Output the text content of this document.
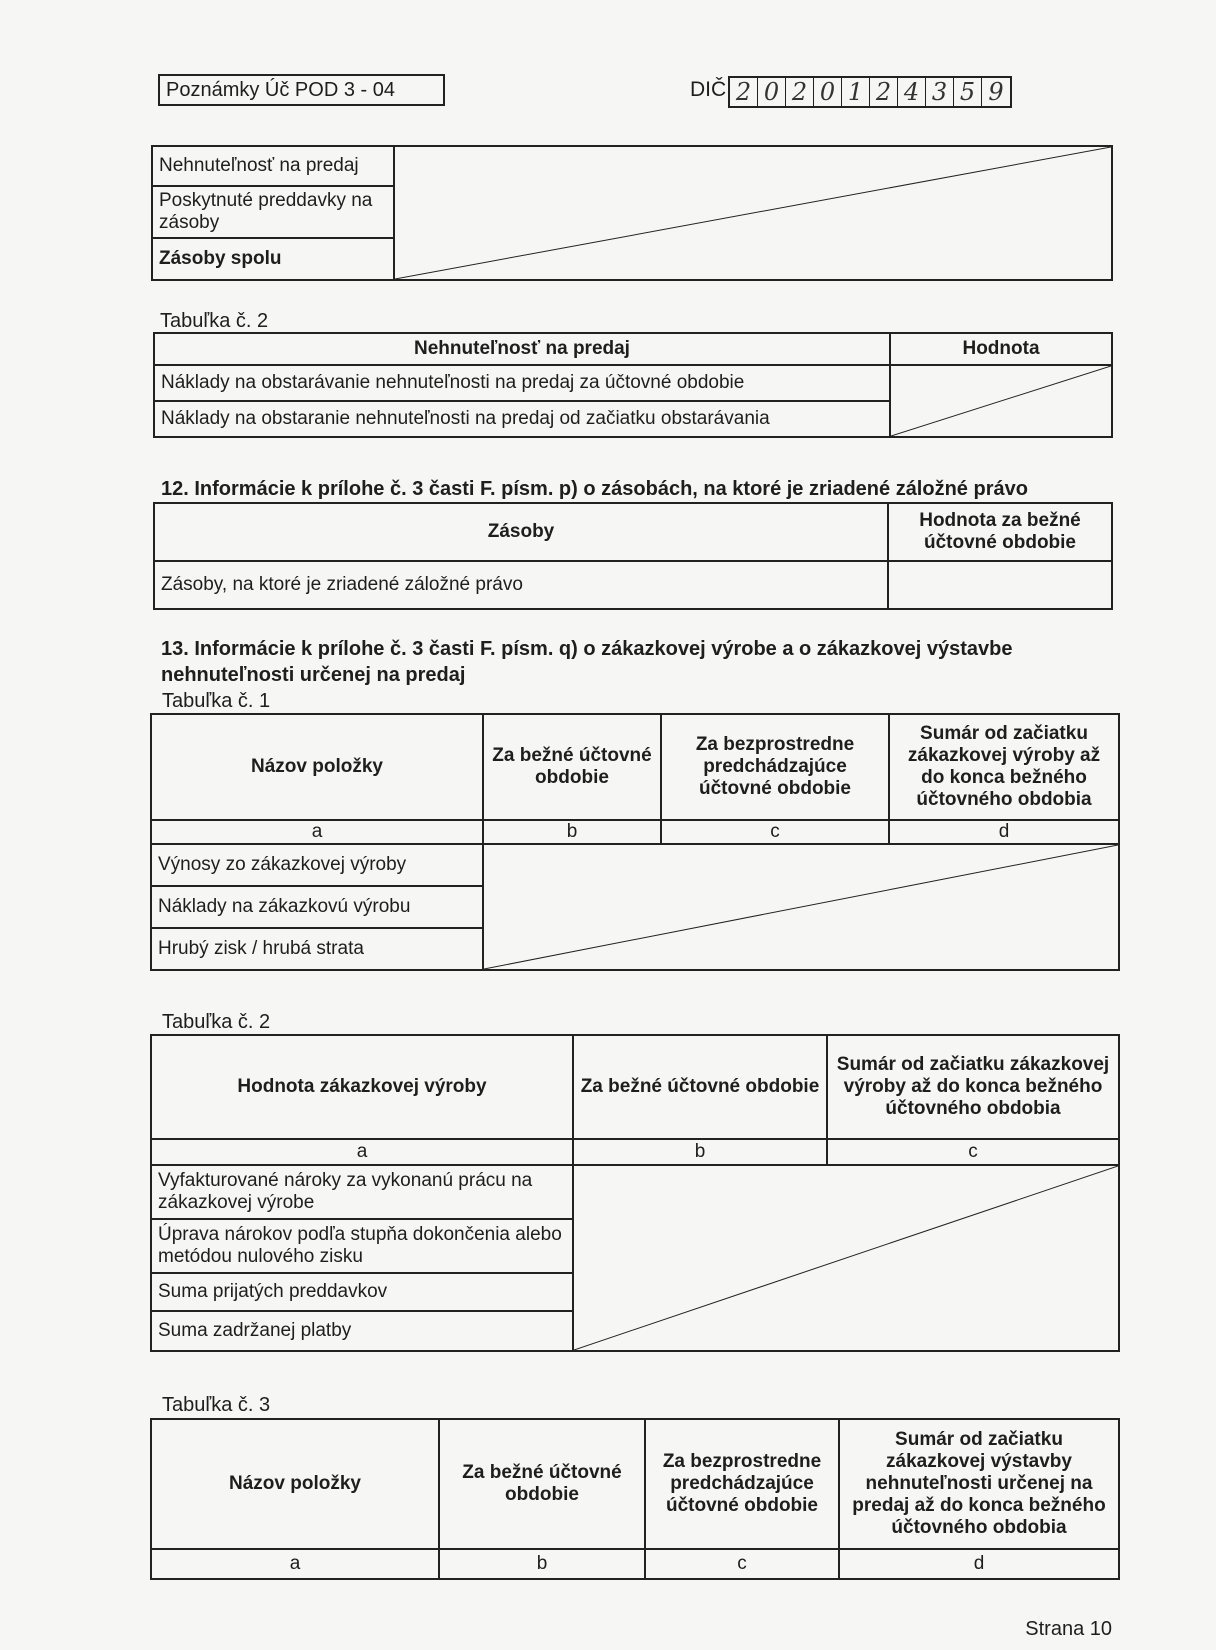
Poznámky Úč POD 3 - 04	DIČ 2 0 2 0 1 2 4 3 5 9
Nehnuteľnosť na predaj	

Poskytnuté preddavky na zásoby
Zásoby spolu
Tabuľka č. 2
Nehnuteľnosť na predaj	Hodnota
Náklady na obstarávanie nehnuteľnosti na predaj za účtovné obdobie	

Náklady na obstaranie nehnuteľnosti na predaj od začiatku obstarávania	
12. Informácie k prílohe č. 3 časti F. písm. p) o zásobách, na ktoré je zriadené záložné právo
Zásoby	Hodnota za bežné účtovné obdobie
Zásoby, na ktoré je zriadené záložné právo	
13. Informácie k prílohe č. 3 časti F. písm. q) o zákazkovej výrobe a o zákazkovej výstavbe nehnuteľnosti určenej na predaj
Tabuľka č. 1
Názov položky	Za bežné účtovné obdobie	Za bezprostredne predchádzajúce účtovné obdobie	Sumár od začiatku zákazkovej výroby až do konca bežného účtovného obdobia
a	b	c	d
Výnosy zo zákazkovej výroby	

Náklady na zákazkovú výrobu			
Hrubý zisk / hrubá strata			
Tabuľka č. 2
Hodnota zákazkovej výroby	Za bežné účtovné obdobie	Sumár od začiatku zákazkovej výroby až do konca bežného účtovného obdobia
a	b	c
Vyfakturované nároky za vykonanú prácu na zákazkovej výrobe	

Úprava nárokov podľa stupňa dokončenia alebo metódou nulového zisku		
Suma prijatých preddavkov		
Suma zadržanej platby		
Tabuľka č. 3
Názov položky	Za bežné účtovné obdobie	Za bezprostredne predchádzajúce účtovné obdobie	Sumár od začiatku zákazkovej výstavby nehnuteľnosti určenej na predaj až do konca bežného účtovného obdobia
a	b	c	d
Strana 10
